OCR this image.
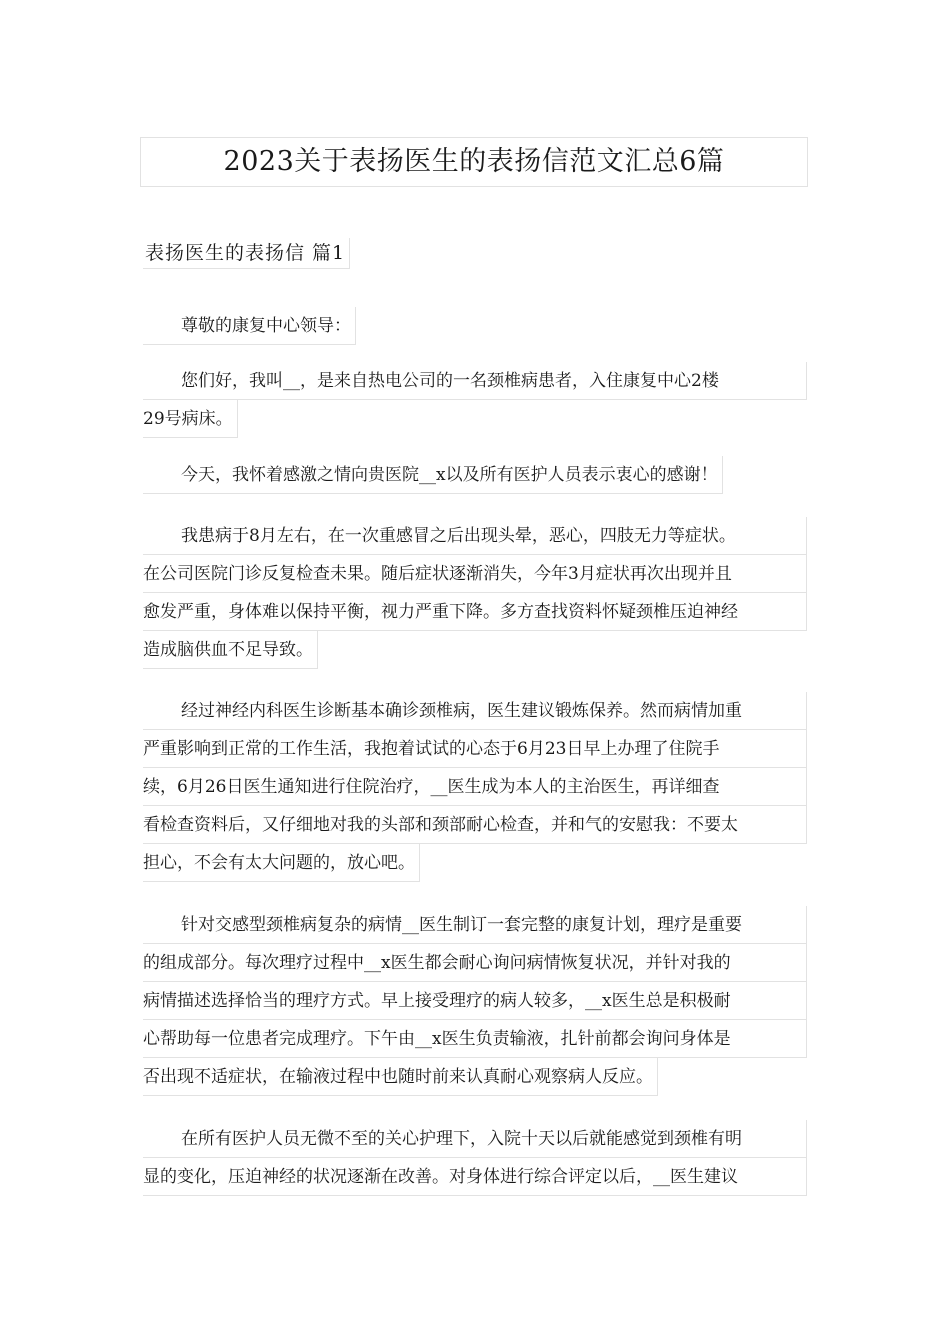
2023关于表扬医生的表扬信范文汇总6篇
表扬医生的表扬信 篇1
尊敬的康复中心领导：
您们好，我叫__，是来自热电公司的一名颈椎病患者，入住康复中心2楼
29号病床。
今天，我怀着感激之情向贵医院__x以及所有医护人员表示衷心的感谢！
我患病于8月左右，在一次重感冒之后出现头晕，恶心，四肢无力等症状。
在公司医院门诊反复检查未果。随后症状逐渐消失，今年3月症状再次出现并且
愈发严重，身体难以保持平衡，视力严重下降。多方查找资料怀疑颈椎压迫神经
造成脑供血不足导致。
经过神经内科医生诊断基本确诊颈椎病，医生建议锻炼保养。然而病情加重
严重影响到正常的工作生活，我抱着试试的心态于6月23日早上办理了住院手
续，6月26日医生通知进行住院治疗，__医生成为本人的主治医生，再详细查
看检查资料后，又仔细地对我的头部和颈部耐心检查，并和气的安慰我：不要太
担心，不会有太大问题的，放心吧。
针对交感型颈椎病复杂的病情__医生制订一套完整的康复计划，理疗是重要
的组成部分。每次理疗过程中__x医生都会耐心询问病情恢复状况，并针对我的
病情描述选择恰当的理疗方式。早上接受理疗的病人较多，__x医生总是积极耐
心帮助每一位患者完成理疗。下午由__x医生负责输液，扎针前都会询问身体是
否出现不适症状，在输液过程中也随时前来认真耐心观察病人反应。
在所有医护人员无微不至的关心护理下，入院十天以后就能感觉到颈椎有明
显的变化，压迫神经的状况逐渐在改善。对身体进行综合评定以后，__医生建议
